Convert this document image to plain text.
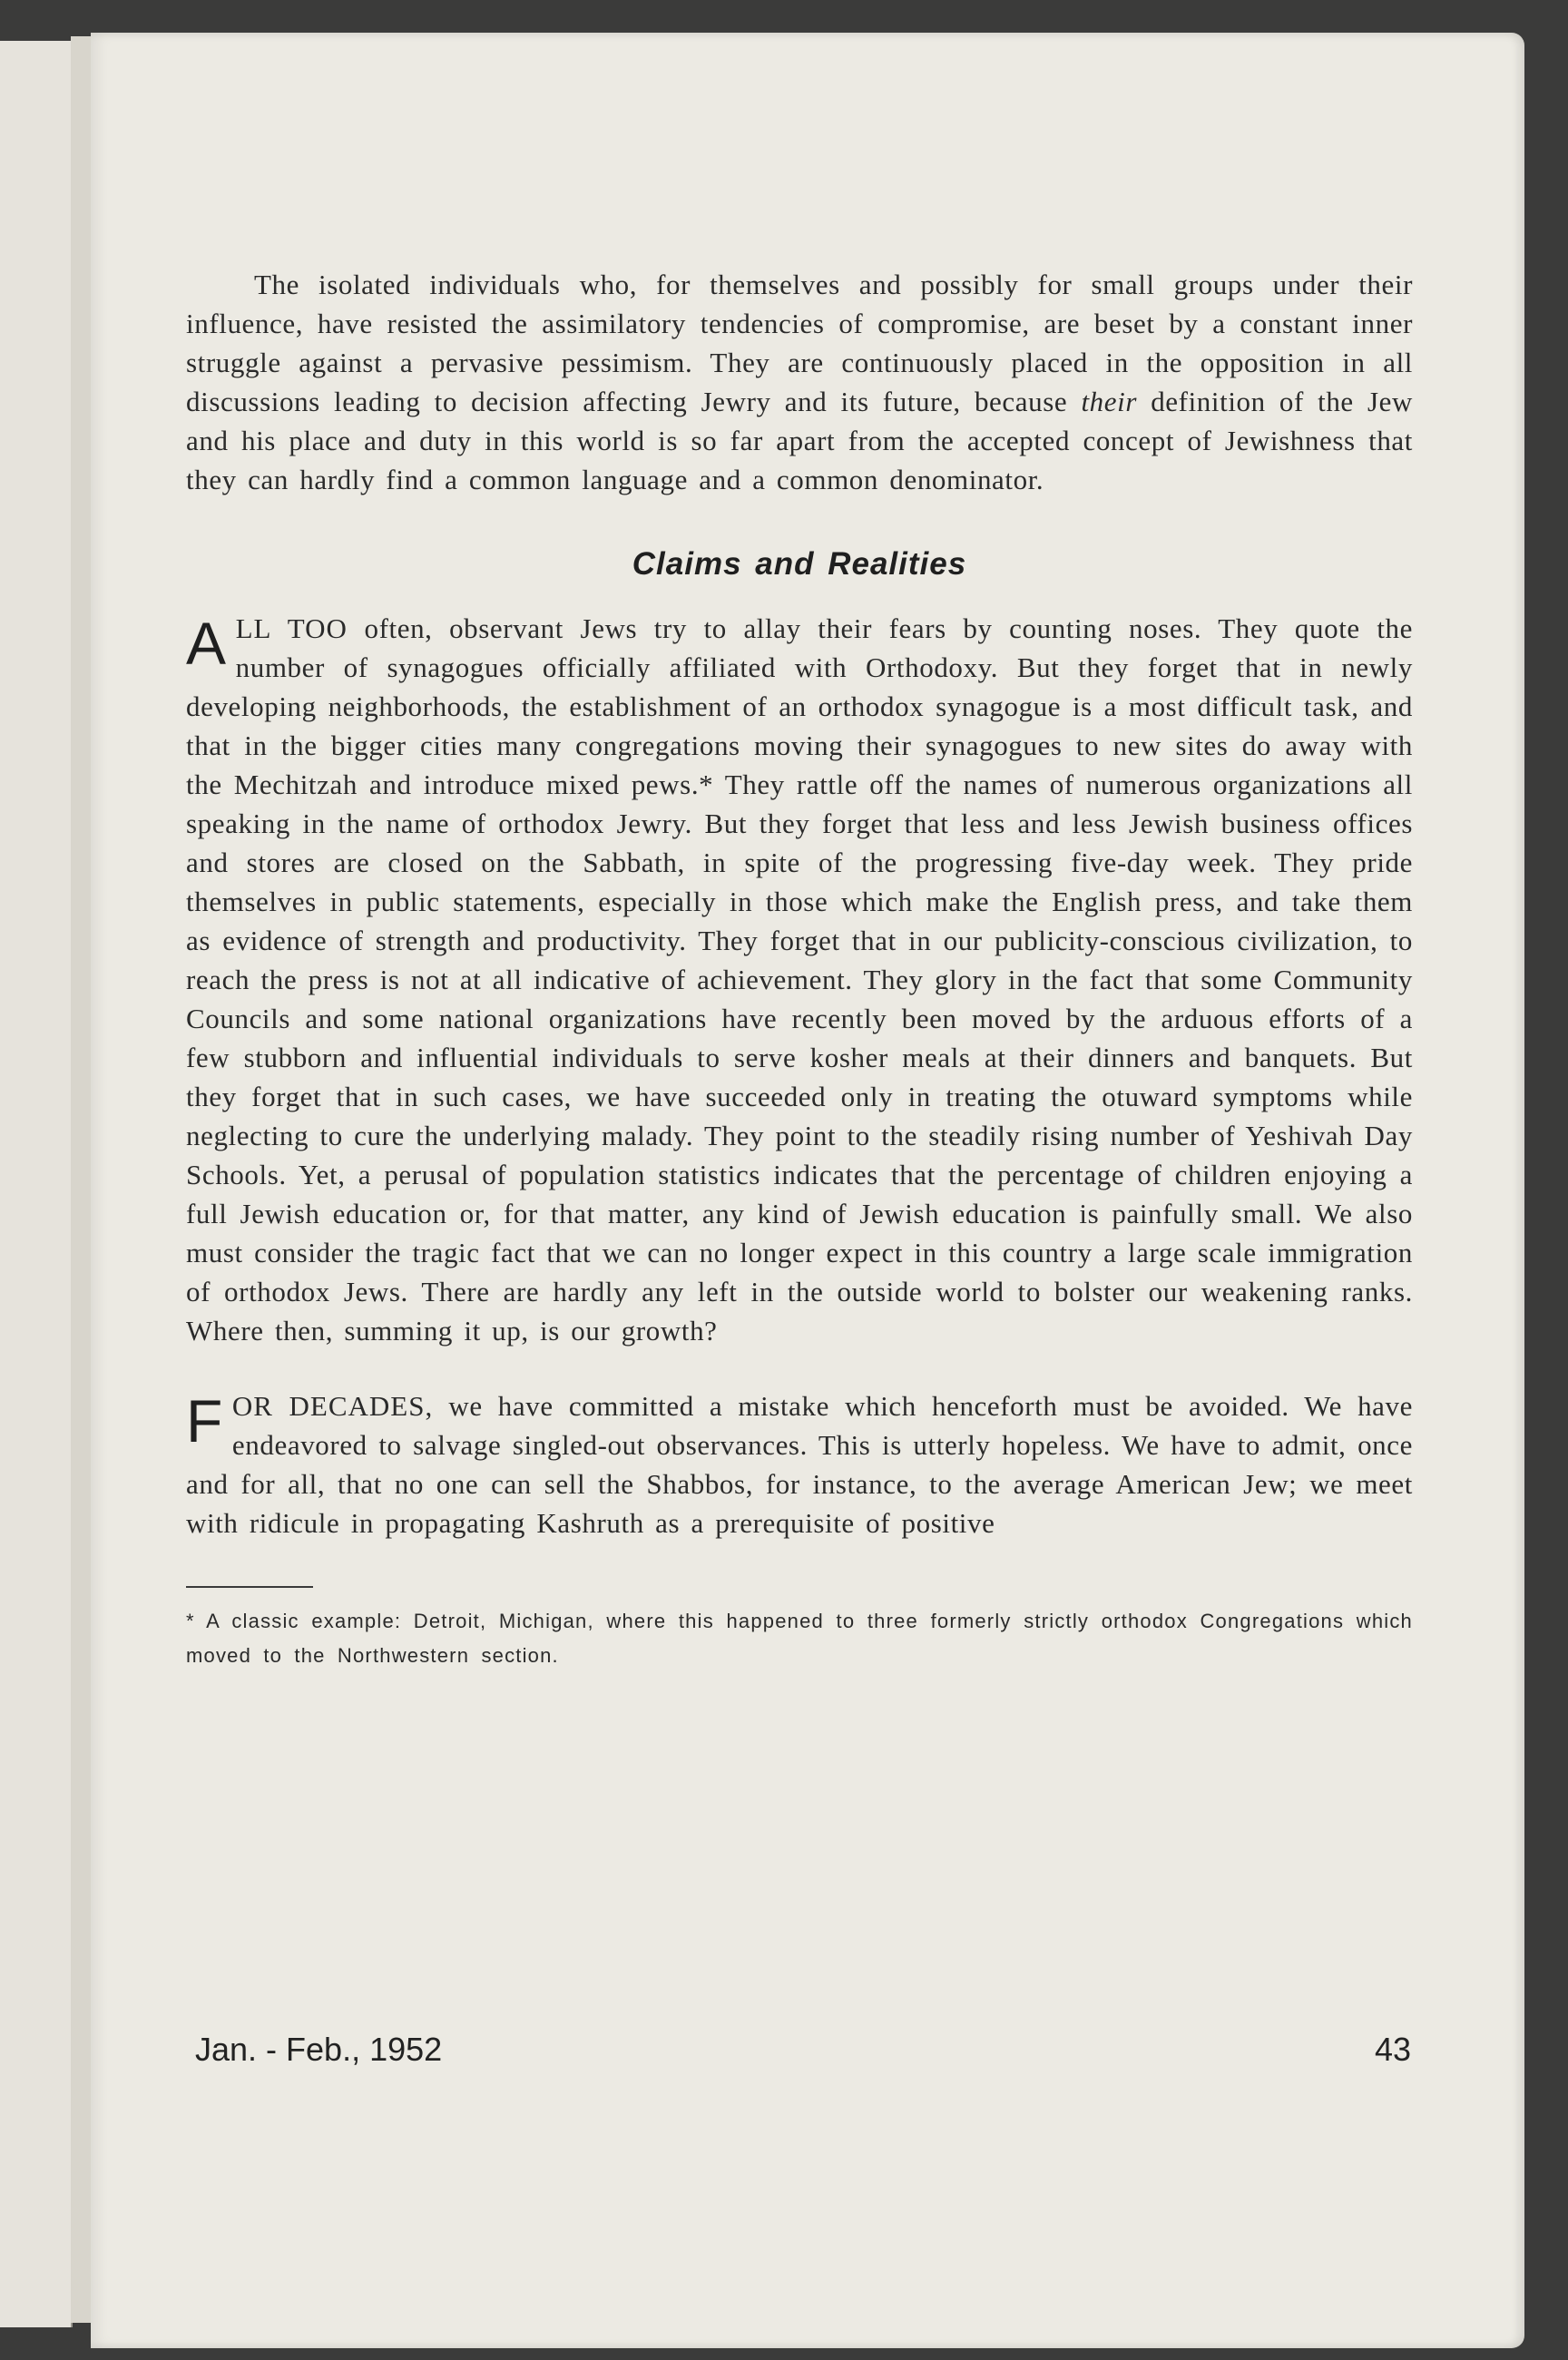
The isolated individuals who, for themselves and possibly for small groups under their influence, have resisted the assimilatory tendencies of compromise, are beset by a constant inner struggle against a pervasive pessimism. They are continuously placed in the opposition in all discussions leading to decision affecting Jewry and its future, because their definition of the Jew and his place and duty in this world is so far apart from the accepted concept of Jewishness that they can hardly find a common language and a common denominator.

Claims and Realities

ALL TOO often, observant Jews try to allay their fears by counting noses. They quote the number of synagogues officially affiliated with Orthodoxy. But they forget that in newly developing neighborhoods, the establishment of an orthodox synagogue is a most difficult task, and that in the bigger cities many congregations moving their synagogues to new sites do away with the Mechitzah and introduce mixed pews.* They rattle off the names of numerous organizations all speaking in the name of orthodox Jewry. But they forget that less and less Jewish business offices and stores are closed on the Sabbath, in spite of the progressing five-day week. They pride themselves in public statements, especially in those which make the English press, and take them as evidence of strength and productivity. They forget that in our publicity-conscious civilization, to reach the press is not at all indicative of achievement. They glory in the fact that some Community Councils and some national organizations have recently been moved by the arduous efforts of a few stubborn and influential individuals to serve kosher meals at their dinners and banquets. But they forget that in such cases, we have succeeded only in treating the otuward symptoms while neglecting to cure the underlying malady. They point to the steadily rising number of Yeshivah Day Schools. Yet, a perusal of population statistics indicates that the percentage of children enjoying a full Jewish education or, for that matter, any kind of Jewish education is painfully small. We also must consider the tragic fact that we can no longer expect in this country a large scale immigration of orthodox Jews. There are hardly any left in the outside world to bolster our weakening ranks. Where then, summing it up, is our growth?

FOR DECADES, we have committed a mistake which henceforth must be avoided. We have endeavored to salvage singled-out observances. This is utterly hopeless. We have to admit, once and for all, that no one can sell the Shabbos, for instance, to the average American Jew; we meet with ridicule in propagating Kashruth as a prerequisite of positive

* A classic example: Detroit, Michigan, where this happened to three formerly strictly orthodox Congregations which moved to the Northwestern section.

Jan. - Feb., 1952	43
